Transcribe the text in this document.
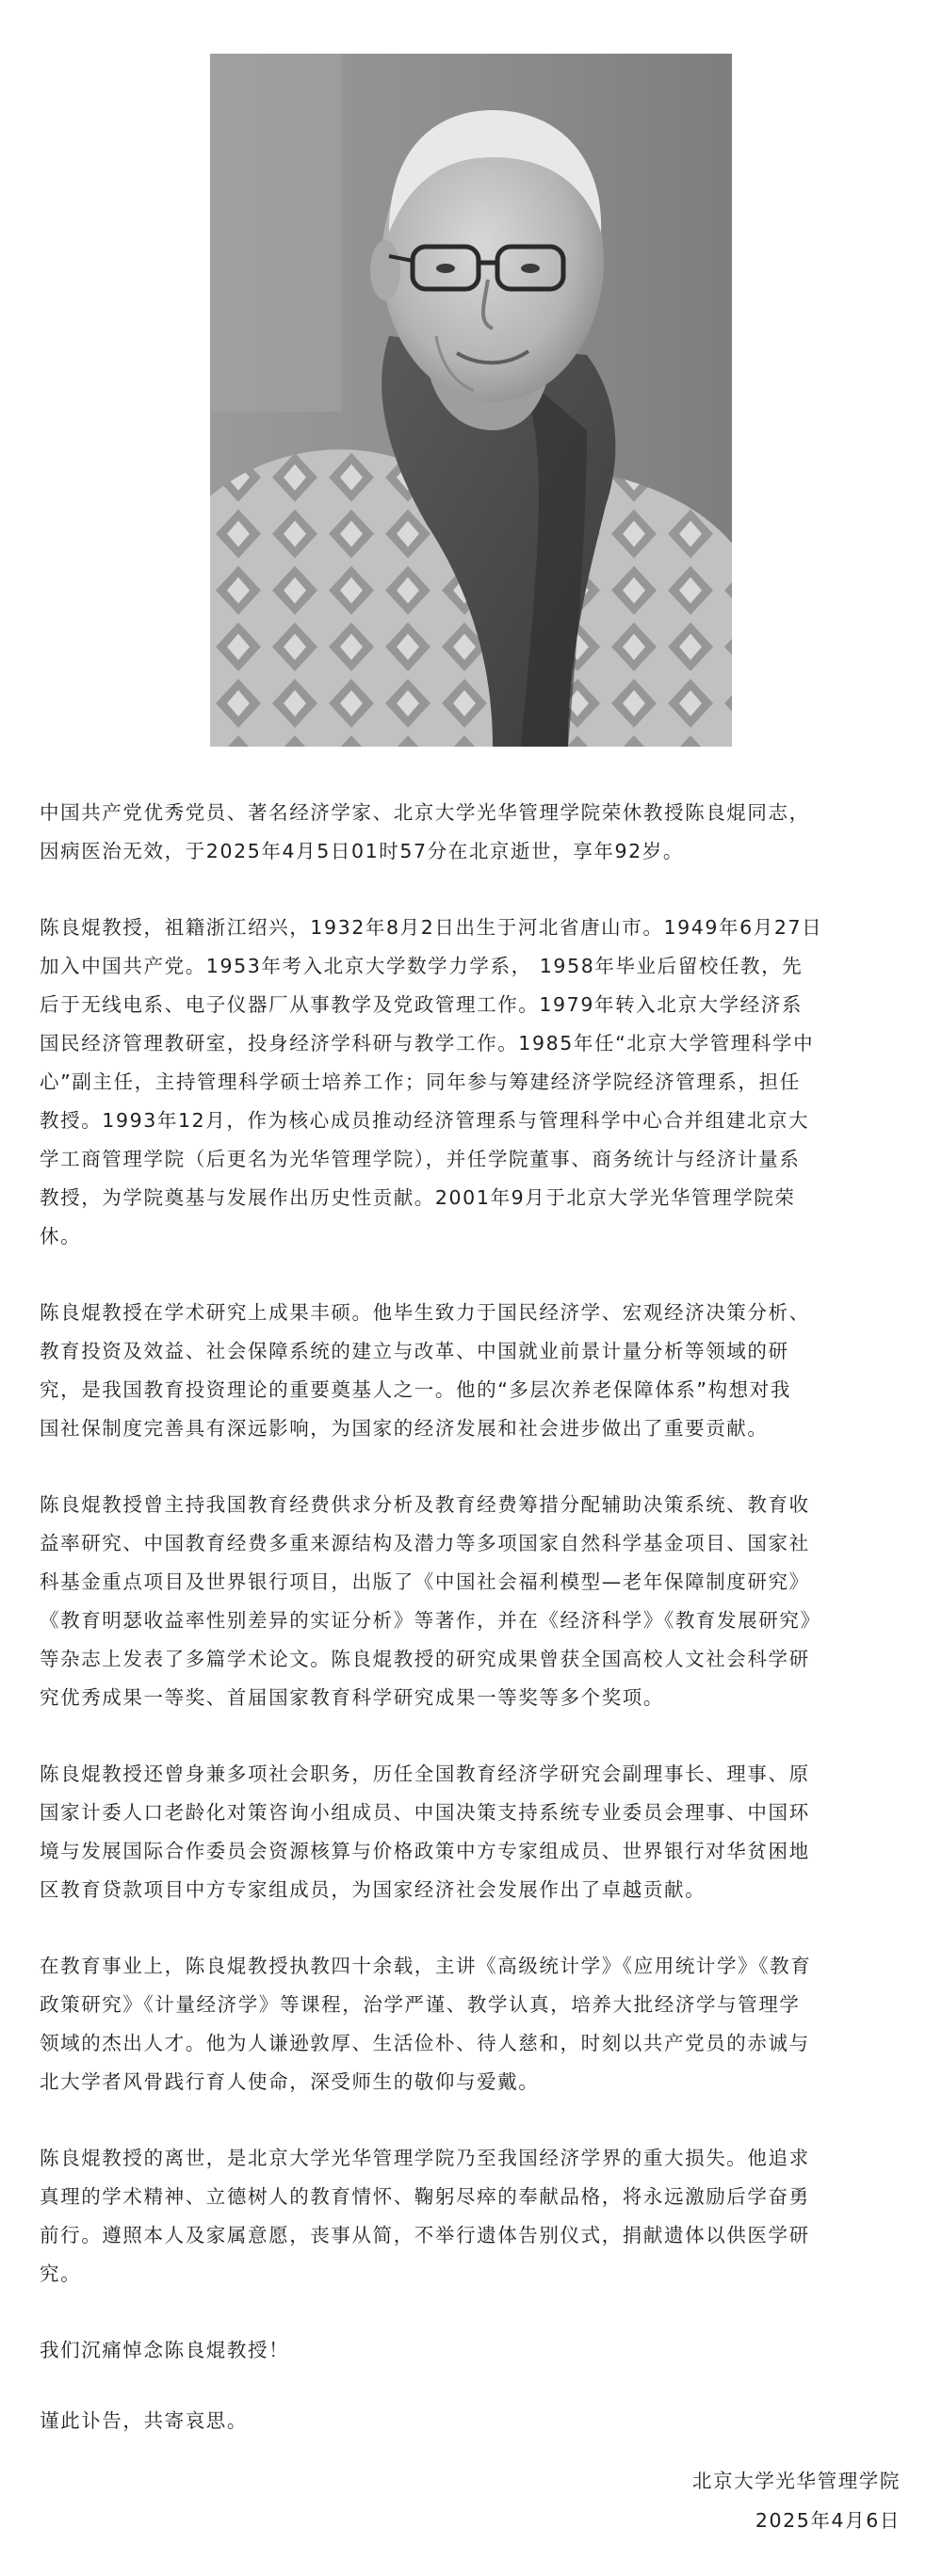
中国共产党优秀党员、著名经济学家、北京大学光华管理学院荣休教授陈良焜同志，
因病医治无效，于2025年4月5日01时57分在北京逝世，享年92岁。

陈良焜教授，祖籍浙江绍兴，1932年8月2日出生于河北省唐山市。1949年6月27日
加入中国共产党。1953年考入北京大学数学力学系， 1958年毕业后留校任教，先
后于无线电系、电子仪器厂从事教学及党政管理工作。1979年转入北京大学经济系
国民经济管理教研室，投身经济学科研与教学工作。1985年任“北京大学管理科学中
心”副主任，主持管理科学硕士培养工作；同年参与筹建经济学院经济管理系，担任
教授。1993年12月，作为核心成员推动经济管理系与管理科学中心合并组建北京大
学工商管理学院（后更名为光华管理学院），并任学院董事、商务统计与经济计量系
教授，为学院奠基与发展作出历史性贡献。2001年9月于北京大学光华管理学院荣
休。

陈良焜教授在学术研究上成果丰硕。他毕生致力于国民经济学、宏观经济决策分析、
教育投资及效益、社会保障系统的建立与改革、中国就业前景计量分析等领域的研
究，是我国教育投资理论的重要奠基人之一。他的“多层次养老保障体系”构想对我
国社保制度完善具有深远影响，为国家的经济发展和社会进步做出了重要贡献。

陈良焜教授曾主持我国教育经费供求分析及教育经费筹措分配辅助决策系统、教育收
益率研究、中国教育经费多重来源结构及潜力等多项国家自然科学基金项目、国家社
科基金重点项目及世界银行项目，出版了《中国社会福利模型—老年保障制度研究》
《教育明瑟收益率性别差异的实证分析》等著作，并在《经济科学》《教育发展研究》
等杂志上发表了多篇学术论文。陈良焜教授的研究成果曾获全国高校人文社会科学研
究优秀成果一等奖、首届国家教育科学研究成果一等奖等多个奖项。

陈良焜教授还曾身兼多项社会职务，历任全国教育经济学研究会副理事长、理事、原
国家计委人口老龄化对策咨询小组成员、中国决策支持系统专业委员会理事、中国环
境与发展国际合作委员会资源核算与价格政策中方专家组成员、世界银行对华贫困地
区教育贷款项目中方专家组成员，为国家经济社会发展作出了卓越贡献。

在教育事业上，陈良焜教授执教四十余载，主讲《高级统计学》《应用统计学》《教育
政策研究》《计量经济学》等课程，治学严谨、教学认真，培养大批经济学与管理学
领域的杰出人才。他为人谦逊敦厚、生活俭朴、待人慈和，时刻以共产党员的赤诚与
北大学者风骨践行育人使命，深受师生的敬仰与爱戴。

陈良焜教授的离世，是北京大学光华管理学院乃至我国经济学界的重大损失。他追求
真理的学术精神、立德树人的教育情怀、鞠躬尽瘁的奉献品格，将永远激励后学奋勇
前行。遵照本人及家属意愿，丧事从简，不举行遗体告别仪式，捐献遗体以供医学研
究。

我们沉痛悼念陈良焜教授！

谨此讣告，共寄哀思。

北京大学光华管理学院
2025年4月6日
